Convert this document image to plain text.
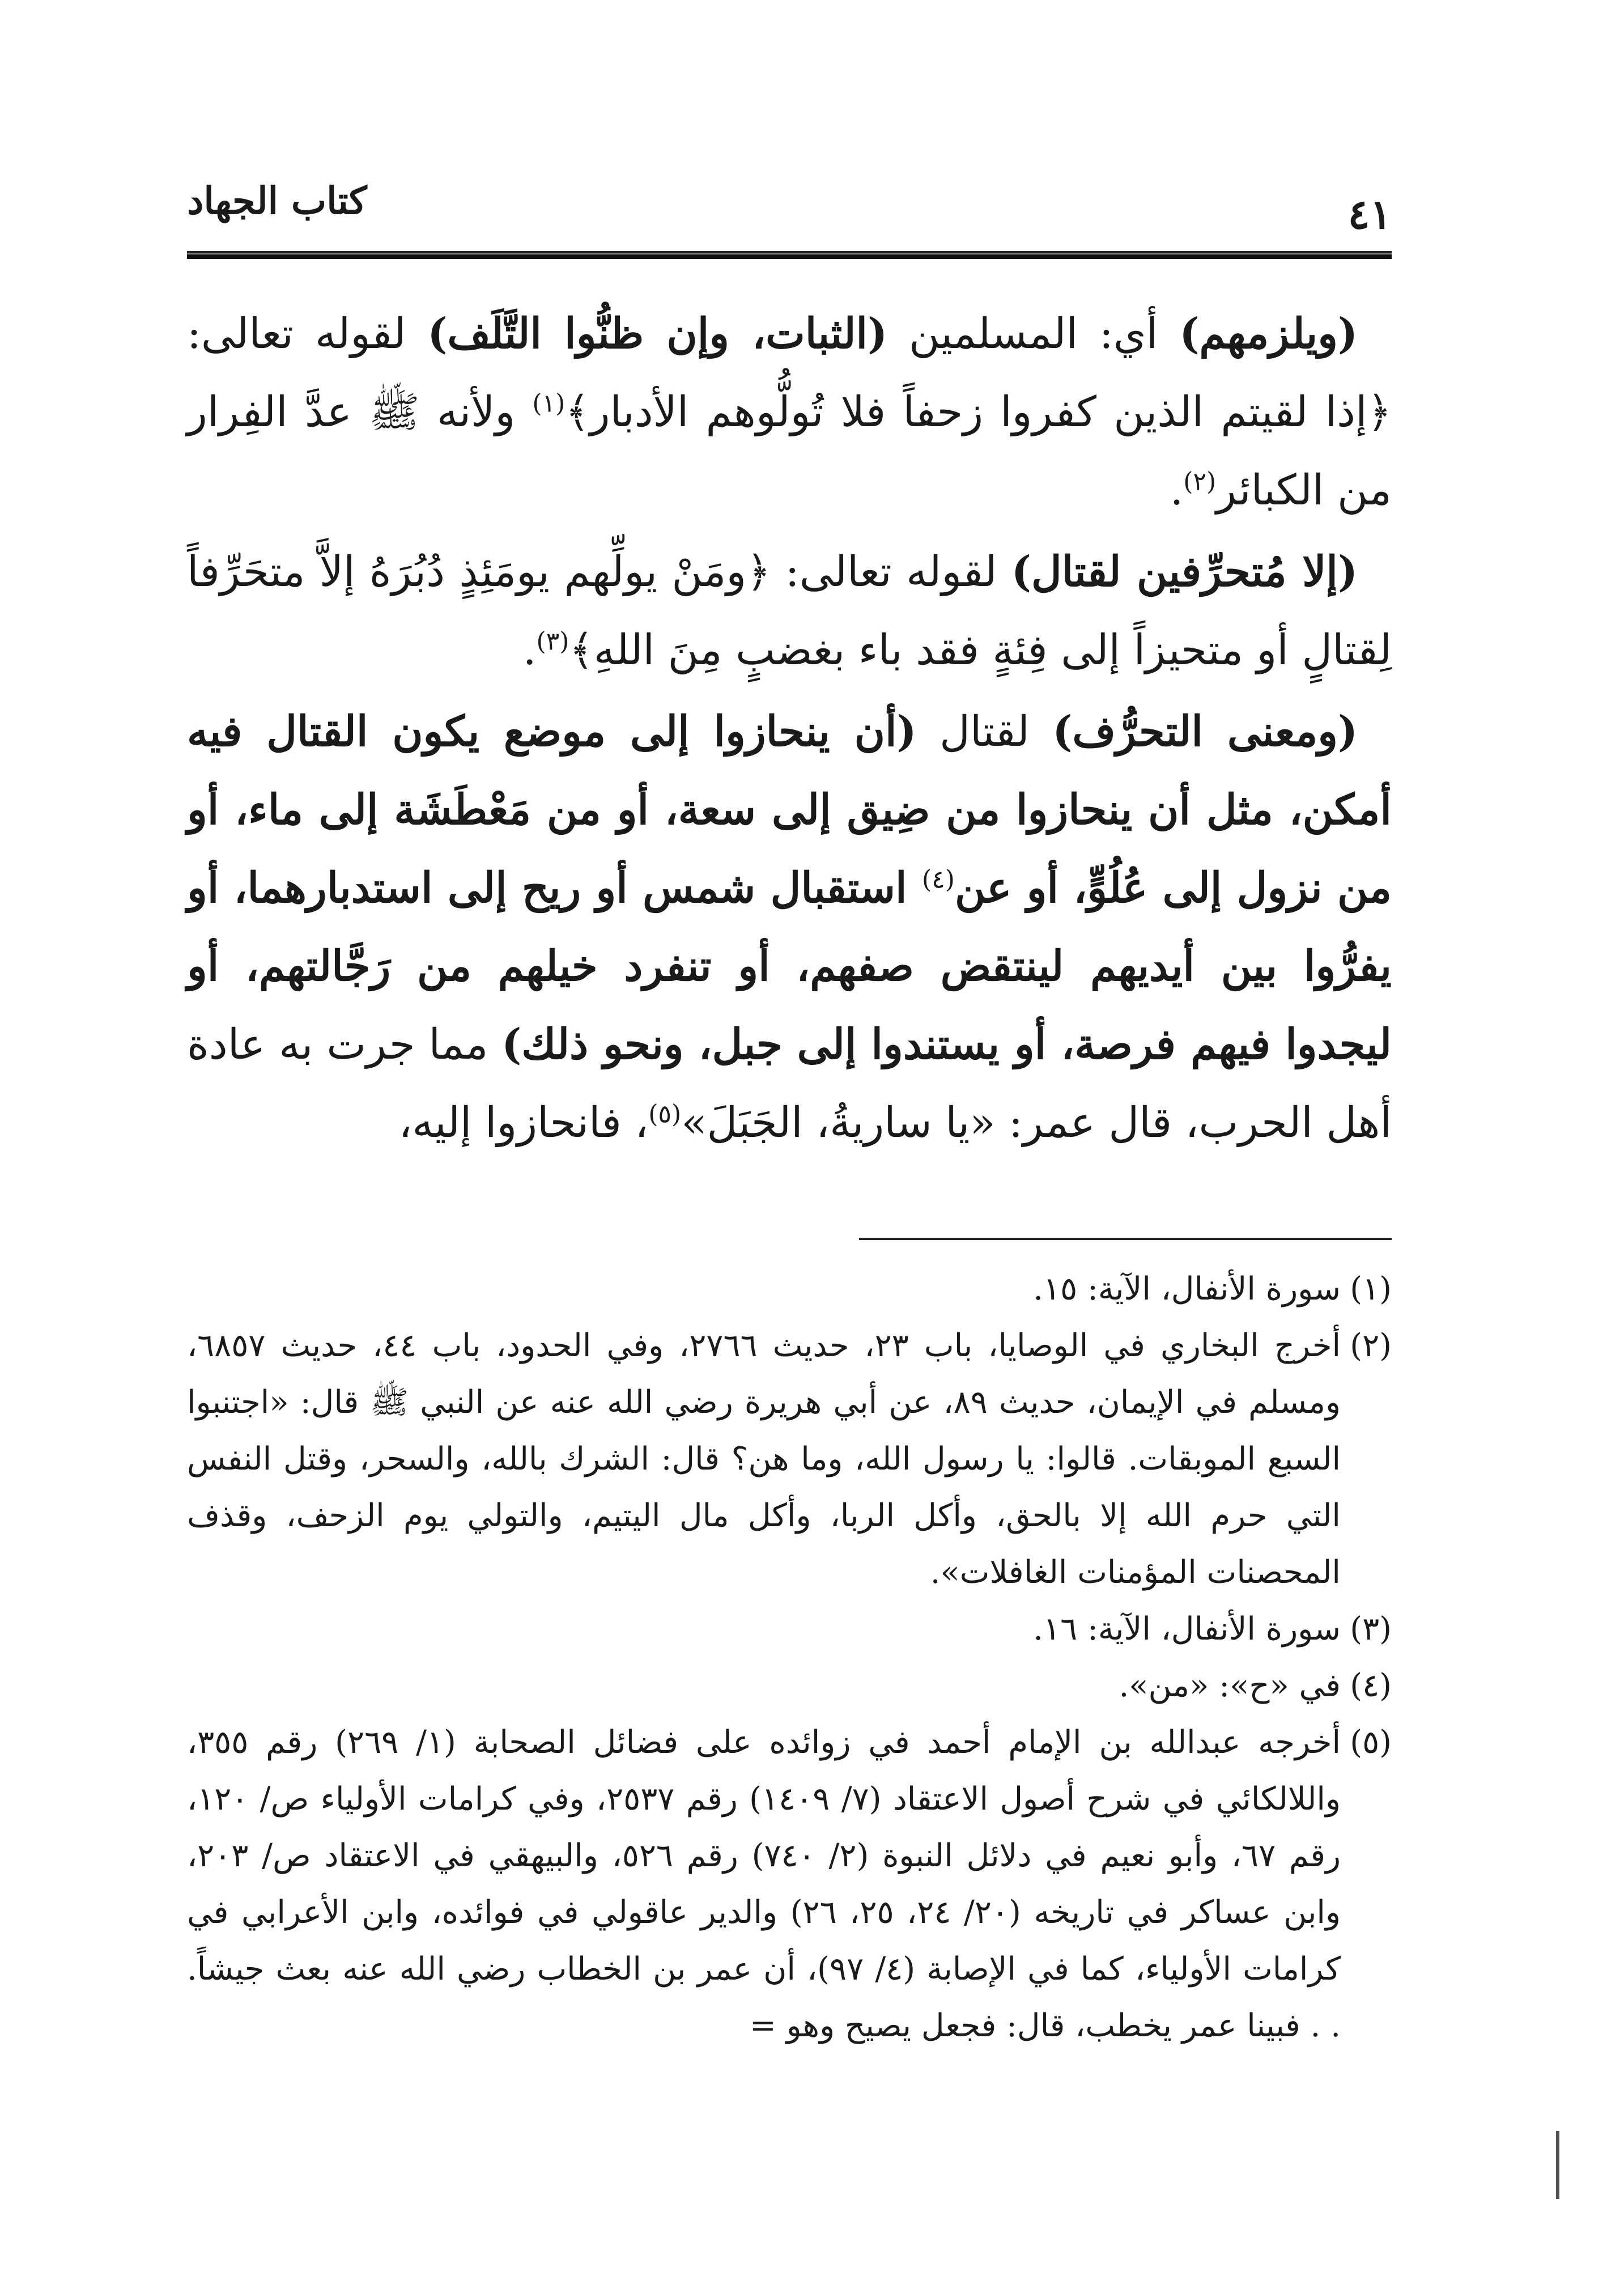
كتاب الجهاد	٤١

(ويلزمهم) أي: المسلمين (الثبات، وإن ظنُّوا التَّلَف) لقوله تعالى: ﴿إذا لقيتم الذين كفروا زحفاً فلا تُولُّوهم الأدبار﴾$^{(١)}$ ولأنه ﷺ عدَّ الفِرار من الكبائر$^{(٢)}$.

(إلا مُتحرِّفين لقتال) لقوله تعالى: ﴿ومَنْ يولِّهم يومَئِذٍ دُبُرَهُ إلاَّ متحَرِّفاً لِقتالٍ أو متحيزاً إلى فِئةٍ فقد باء بغضبٍ مِنَ اللهِ﴾$^{(٣)}$.

(ومعنى التحرُّف) لقتال (أن ينحازوا إلى موضع يكون القتال فيه أمكن، مثل أن ينحازوا من ضِيق إلى سعة، أو من مَعْطَشَة إلى ماء، أو من نزول إلى عُلُوٍّ، أو عن$^{(٤)}$ استقبال شمس أو ريح إلى استدبارهما، أو يفرُّوا بين أيديهم لينتقض صفهم، أو تنفرد خيلهم من رَجَّالتهم، أو ليجدوا فيهم فرصة، أو يستندوا إلى جبل، ونحو ذلك) مما جرت به عادة أهل الحرب، قال عمر: «يا ساريةُ، الجَبَلَ»$^{(٥)}$، فانحازوا إليه،

(١)سورة الأنفال، الآية: ١٥.

(٢)أخرج البخاري في الوصايا، باب ٢٣، حديث ٢٧٦٦، وفي الحدود، باب ٤٤، حديث ٦٨٥٧، ومسلم في الإيمان، حديث ٨٩، عن أبي هريرة رضي الله عنه عن النبي ﷺ قال: «اجتنبوا السبع الموبقات. قالوا: يا رسول الله، وما هن؟ قال: الشرك بالله، والسحر، وقتل النفس التي حرم الله إلا بالحق، وأكل الربا، وأكل مال اليتيم، والتولي يوم الزحف، وقذف المحصنات المؤمنات الغافلات».

(٣)سورة الأنفال، الآية: ١٦.

(٤)في «ح»: «من».

(٥)أخرجه عبدالله بن الإمام أحمد في زوائده على فضائل الصحابة (١/ ٢٦٩) رقم ٣٥٥، واللالكائي في شرح أصول الاعتقاد (٧/ ١٤٠٩) رقم ٢٥٣٧، وفي كرامات الأولياء ص/ ١٢٠، رقم ٦٧، وأبو نعيم في دلائل النبوة (٢/ ٧٤٠) رقم ٥٢٦، والبيهقي في الاعتقاد ص/ ٢٠٣، وابن عساكر في تاريخه (٢٠/ ٢٤، ٢٥، ٢٦) والدير عاقولي في فوائده، وابن الأعرابي في كرامات الأولياء، كما في الإصابة (٤/ ٩٧)، أن عمر بن الخطاب رضي الله عنه بعث جيشاً. . . فبينا عمر يخطب، قال: فجعل يصيح وهو =
